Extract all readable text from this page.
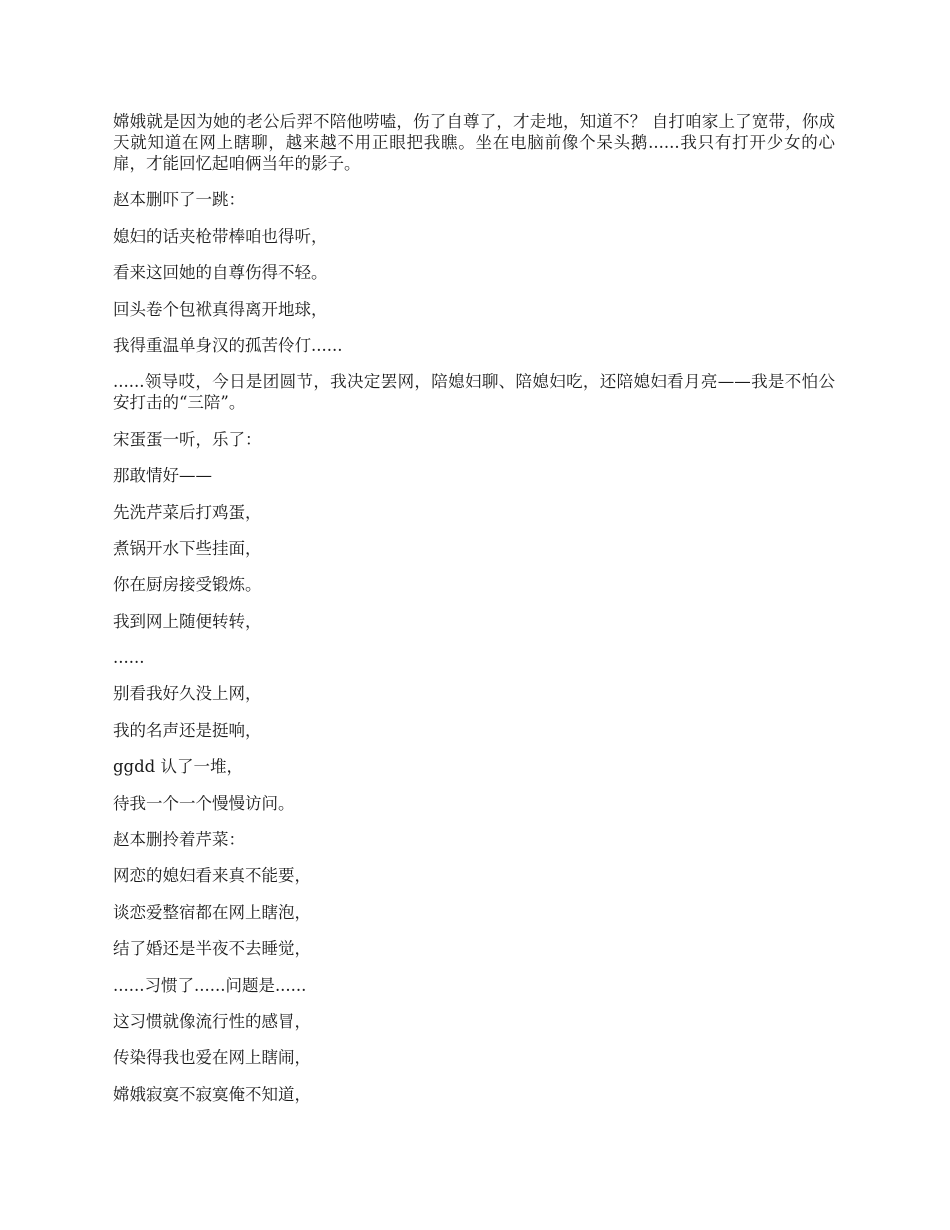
嫦娥就是因为她的老公后羿不陪他唠嗑，伤了自尊了，才走地，知道不？ 自打咱家上了宽带，你成天就知道在网上瞎聊，越来越不用正眼把我瞧。坐在电脑前像个呆头鹅......我只有打开少女的心扉，才能回忆起咱俩当年的影子。

赵本删吓了一跳：

媳妇的话夹枪带棒咱也得听，

看来这回她的自尊伤得不轻。

回头卷个包袱真得离开地球，

我得重温单身汉的孤苦伶仃......

......领导哎，今日是团圆节，我决定罢网，陪媳妇聊、陪媳妇吃，还陪媳妇看月亮——我是不怕公安打击的“三陪”。

宋蛋蛋一听，乐了：

那敢情好——

先洗芹菜后打鸡蛋，

煮锅开水下些挂面，

你在厨房接受锻炼。

我到网上随便转转，

......

别看我好久没上网，

我的名声还是挺响，

ggdd 认了一堆，

待我一个一个慢慢访问。

赵本删拎着芹菜：

网恋的媳妇看来真不能要，

谈恋爱整宿都在网上瞎泡，

结了婚还是半夜不去睡觉，

......习惯了......问题是......

这习惯就像流行性的感冒，

传染得我也爱在网上瞎闹，

嫦娥寂寞不寂寞俺不知道，
